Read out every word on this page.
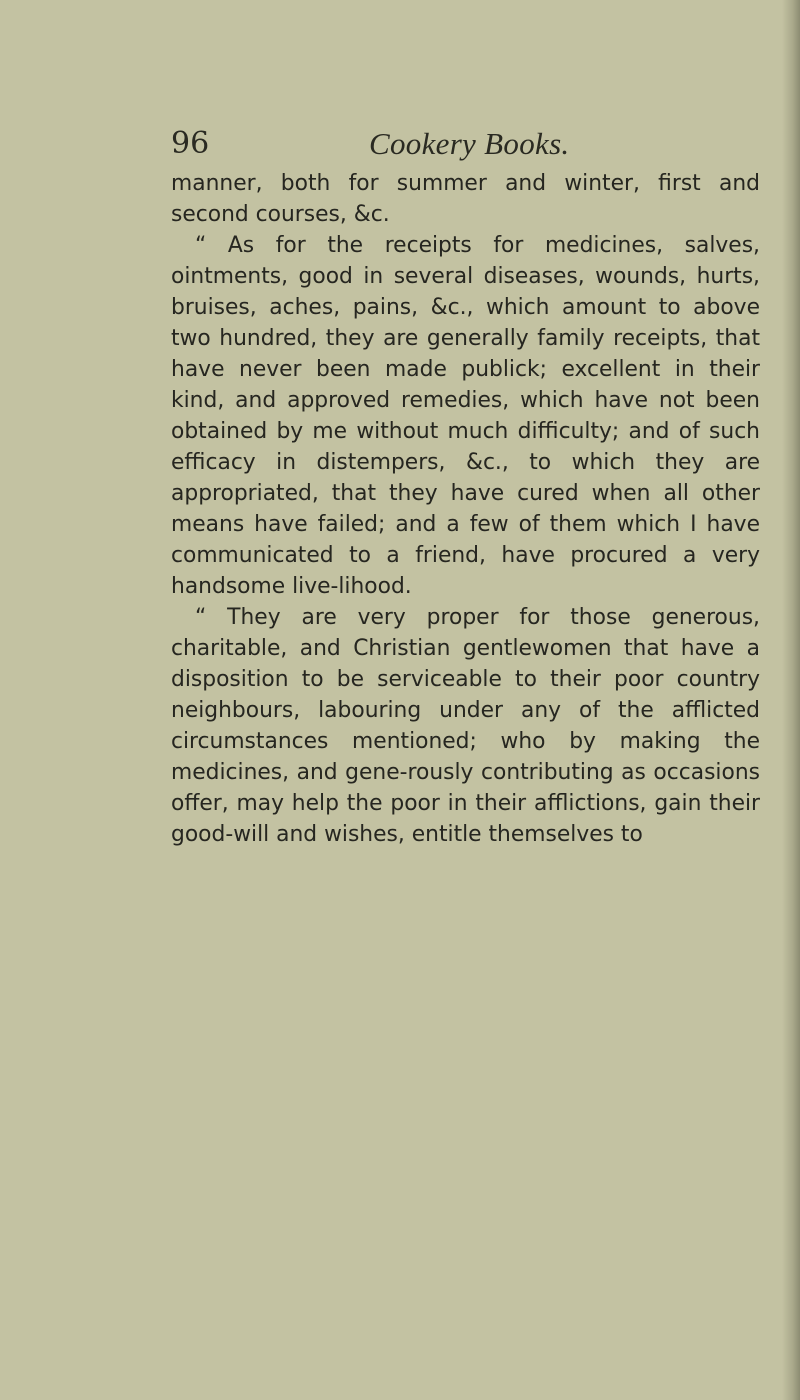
96	Cookery Books.

manner, both for summer and winter, first and second courses, &c.

“ As for the receipts for medicines, salves, ointments, good in several diseases, wounds, hurts, bruises, aches, pains, &c., which amount to above two hundred, they are generally family receipts, that have never been made publick; excellent in their kind, and approved remedies, which have not been obtained by me without much difficulty; and of such efficacy in distempers, &c., to which they are appropriated, that they have cured when all other means have failed; and a few of them which I have communicated to a friend, have procured a very handsome live-lihood.

“ They are very proper for those generous, charitable, and Christian gentlewomen that have a disposition to be serviceable to their poor country neighbours, labouring under any of the afflicted circumstances mentioned; who by making the medicines, and gene-rously contributing as occasions offer, may help the poor in their afflictions, gain their good-will and wishes, entitle themselves to
